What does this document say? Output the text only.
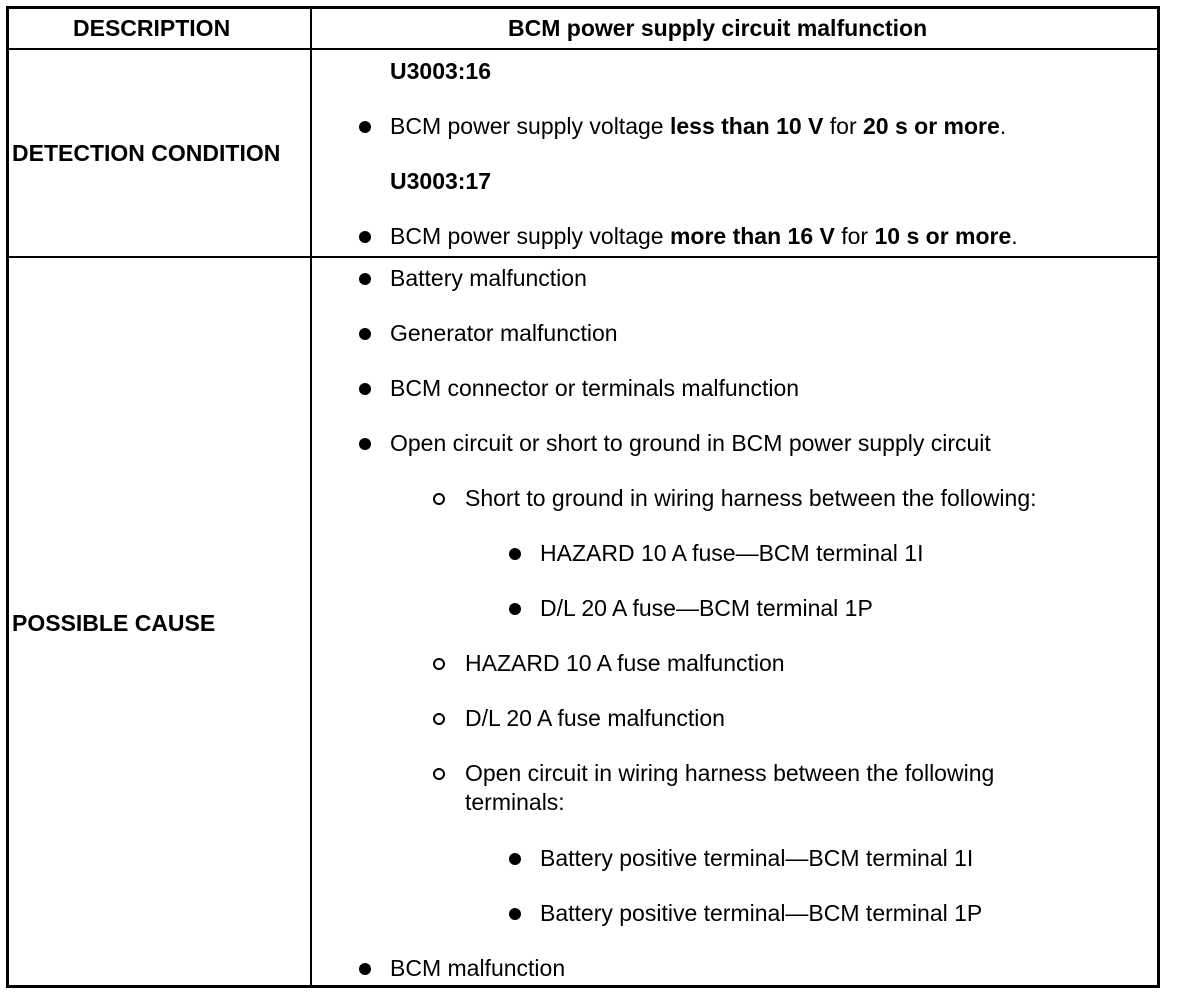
DESCRIPTION	BCM power supply circuit malfunction
DETECTION CONDITION
U3003:16
BCM power supply voltage less than 10 V for 20 s or more.
U3003:17
BCM power supply voltage more than 16 V for 10 s or more.
POSSIBLE CAUSE
Battery malfunction
Generator malfunction
BCM connector or terminals malfunction
Open circuit or short to ground in BCM power supply circuit
Short to ground in wiring harness between the following:
HAZARD 10 A fuse—BCM terminal 1I
D/L 20 A fuse—BCM terminal 1P
HAZARD 10 A fuse malfunction
D/L 20 A fuse malfunction
Open circuit in wiring harness between the following
terminals:
Battery positive terminal—BCM terminal 1I
Battery positive terminal—BCM terminal 1P
BCM malfunction
